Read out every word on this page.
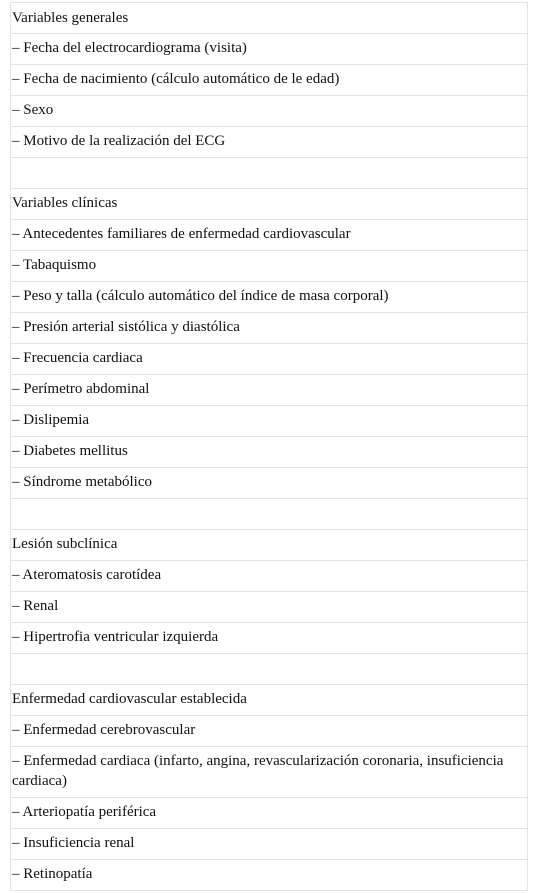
Variables generales
– Fecha del electrocardiograma (visita)
– Fecha de nacimiento (cálculo automático de le edad)
– Sexo
– Motivo de la realización del ECG

Variables clínicas
– Antecedentes familiares de enfermedad cardiovascular
– Tabaquismo
– Peso y talla (cálculo automático del índice de masa corporal)
– Presión arterial sistólica y diastólica
– Frecuencia cardiaca
– Perímetro abdominal
– Dislipemia
– Diabetes mellitus
– Síndrome metabólico

Lesión subclínica
– Ateromatosis carotídea
– Renal
– Hipertrofia ventricular izquierda

Enfermedad cardiovascular establecida
– Enfermedad cerebrovascular
– Enfermedad cardiaca (infarto, angina, revascularización coronaria, insuficiencia cardiaca)
– Arteriopatía periférica
– Insuficiencia renal
– Retinopatía
